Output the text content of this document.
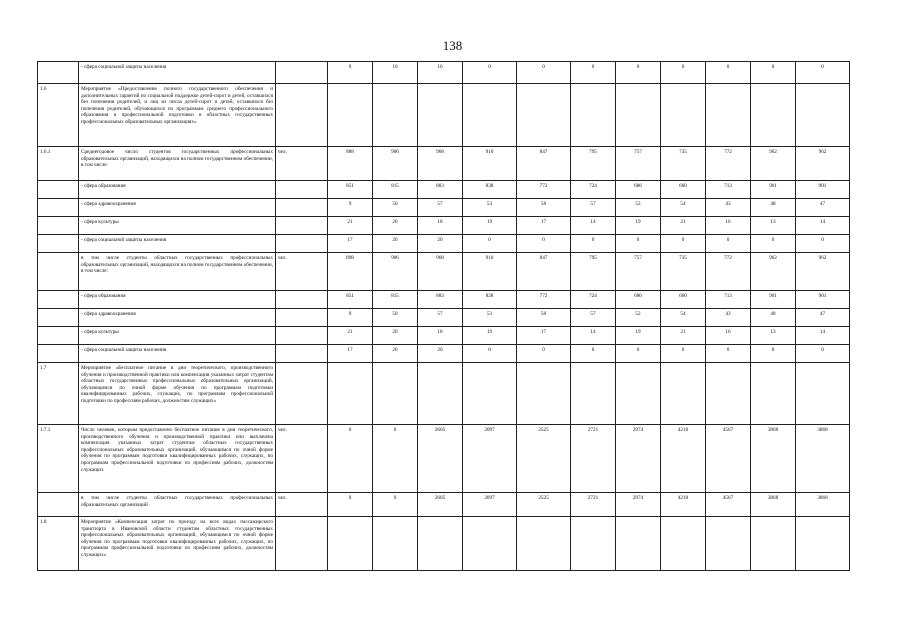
138
	- сфера социальной защиты населения		9	10	16	0	0	0	0	0	0	0	0
1.6	Мероприятие «Предоставление полного государственного обеспечения и дополнительных гарантий по социальной поддержке детей-сирот и детей, оставшихся без попечения родителей, и лиц из числа детей-сирот и детей, оставшихся без попечения родителей, обучающихся по программам среднего профессионального образования и профессиональной подготовки в областных государственных профессиональных образовательных организациях»												
1.6.1	Среднегодовое число студентов государственных профессиональных образовательных организаций, находящихся на полном государственном обеспечении, в том числе:	чел.	888	906	968	910	847	795	757	735	772	962	962
	- сфера образования		851	815	883	838	772	724	686	660	713	901	901
	- сфера здравоохранения		9	50	57	53	58	57	52	54	43	48	47
	- сфера культуры		21	20	18	19	17	14	19	21	16	13	14
	- сфера социальной защиты населения		17	20	20	0	0	0	0	0	0	0	0
	в том числе студенты областных государственных профессиональных образовательных организаций, находящихся на полном государственном обеспечении, в том числе:	чел.	898	906	968	910	847	795	757	735	772	962	962
	- сфера образования		851	815	883	828	772	724	686	660	713	901	901
	- сфера здравоохранения		9	50	57	53	58	57	52	54	43	48	47
	- сфера культуры		21	20	18	19	17	14	19	21	16	13	14
	- сфера социальной защиты населения		17	20	20	0	0	0	0	0	0	0	0
1.7	Мероприятие «Бесплатное питание в дни теоретического, производственного обучения и производственной практики или компенсация указанных затрат студентам областных государственных профессиональных образовательных организаций, обучающимся по очной форме обучения по программам подготовки квалифицированных рабочих, служащих, по программам профессиональной подготовки по профессиям рабочих, должностям служащих»												
1.7.1	Число человек, которым предоставлено бесплатное питание в дни теоретического, производственного обучения и производственной практики или выплачена компенсация указанных затрат студентам областных государственных профессиональных образовательных организаций, обучающимся по очной форме обучения по программам подготовки квалифицированных рабочих, служащих, по программам профессиональной подготовки по профессиям рабочих, должностям служащих	чел.	0	0	2605	2097	2525	2721	2974	4210	4567	3868	3868
	в том числе студенты областных государственных профессиональных образовательных организаций	чел.	0	0	2605	2097	2525	2721	2974	4210	4567	3868	3868
1.8	Мероприятие «Компенсация затрат по проезду на всех видах пассажирского транспорта в Ивановской области студентам областных государственных профессиональных образовательных организаций, обучающимся по очной форме обучения по программам подготовки квалифицированных рабочих, служащих, по программам профессиональной подготовки по профессиям рабочих, должностям служащих»												
